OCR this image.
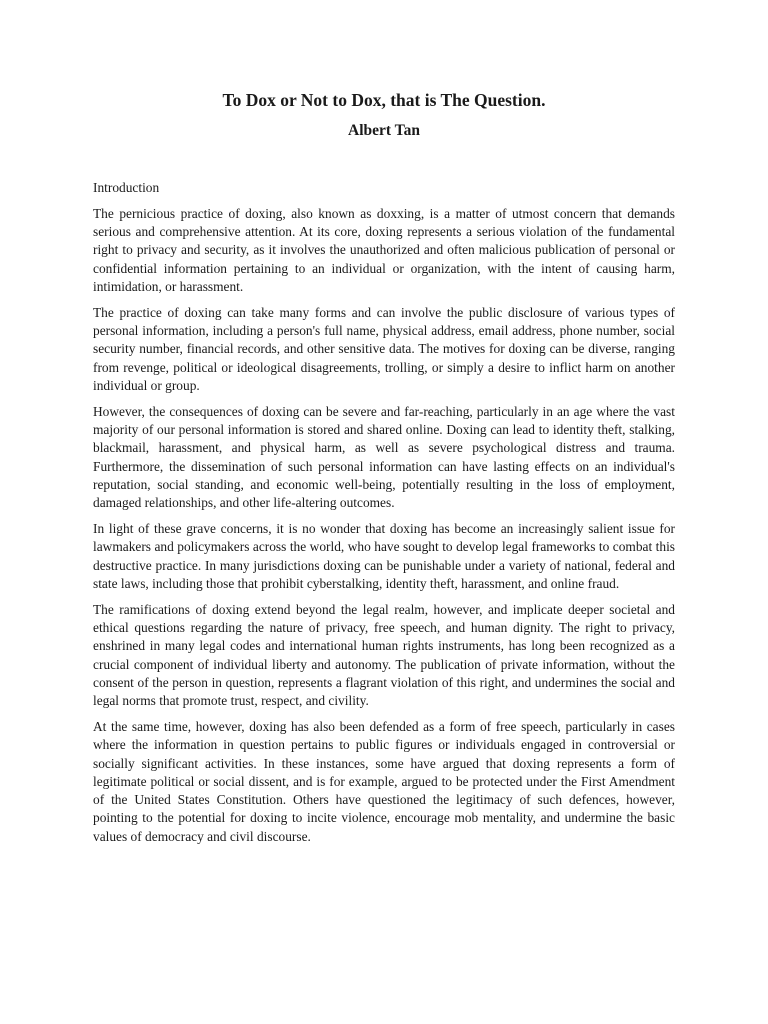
To Dox or Not to Dox, that is The Question.
Albert Tan

Introduction

The pernicious practice of doxing, also known as doxxing, is a matter of utmost concern that demands serious and comprehensive attention. At its core, doxing represents a serious violation of the fundamental right to privacy and security, as it involves the unauthorized and often malicious publication of personal or confidential information pertaining to an individual or organization, with the intent of causing harm, intimidation, or harassment.

The practice of doxing can take many forms and can involve the public disclosure of various types of personal information, including a person's full name, physical address, email address, phone number, social security number, financial records, and other sensitive data. The motives for doxing can be diverse, ranging from revenge, political or ideological disagreements, trolling, or simply a desire to inflict harm on another individual or group.

However, the consequences of doxing can be severe and far-reaching, particularly in an age where the vast majority of our personal information is stored and shared online. Doxing can lead to identity theft, stalking, blackmail, harassment, and physical harm, as well as severe psychological distress and trauma. Furthermore, the dissemination of such personal information can have lasting effects on an individual's reputation, social standing, and economic well-being, potentially resulting in the loss of employment, damaged relationships, and other life-altering outcomes.

In light of these grave concerns, it is no wonder that doxing has become an increasingly salient issue for lawmakers and policymakers across the world, who have sought to develop legal frameworks to combat this destructive practice. In many jurisdictions doxing can be punishable under a variety of national, federal and state laws, including those that prohibit cyberstalking, identity theft, harassment, and online fraud.

The ramifications of doxing extend beyond the legal realm, however, and implicate deeper societal and ethical questions regarding the nature of privacy, free speech, and human dignity. The right to privacy, enshrined in many legal codes and international human rights instruments, has long been recognized as a crucial component of individual liberty and autonomy. The publication of private information, without the consent of the person in question, represents a flagrant violation of this right, and undermines the social and legal norms that promote trust, respect, and civility.

At the same time, however, doxing has also been defended as a form of free speech, particularly in cases where the information in question pertains to public figures or individuals engaged in controversial or socially significant activities. In these instances, some have argued that doxing represents a form of legitimate political or social dissent, and is for example, argued to be protected under the First Amendment of the United States Constitution. Others have questioned the legitimacy of such defences, however, pointing to the potential for doxing to incite violence, encourage mob mentality, and undermine the basic values of democracy and civil discourse.
